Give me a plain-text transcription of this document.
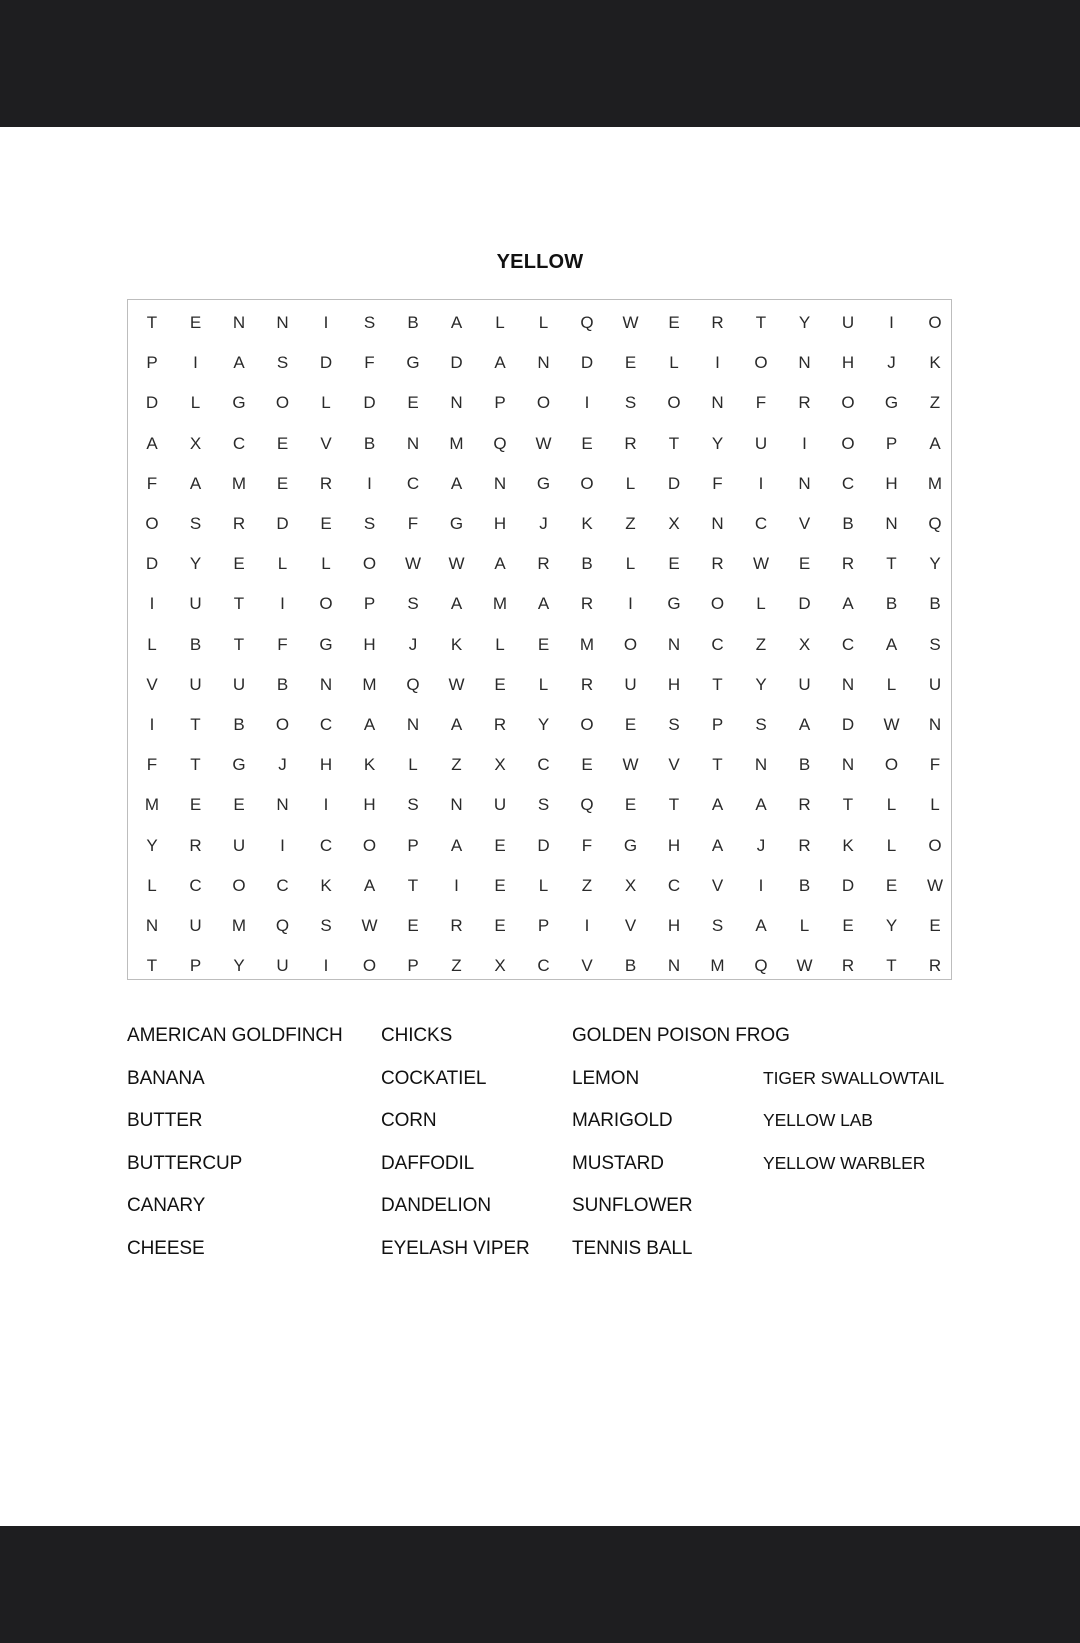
YELLOW
T	E	N	N	I	S	B	A	L	L	Q	W	E	R	T	Y	U	I	O
P	I	A	S	D	F	G	D	A	N	D	E	L	I	O	N	H	J	K
D	L	G	O	L	D	E	N	P	O	I	S	O	N	F	R	O	G	Z
A	X	C	E	V	B	N	M	Q	W	E	R	T	Y	U	I	O	P	A
F	A	M	E	R	I	C	A	N	G	O	L	D	F	I	N	C	H	M
O	S	R	D	E	S	F	G	H	J	K	Z	X	N	C	V	B	N	Q
D	Y	E	L	L	O	W	W	A	R	B	L	E	R	W	E	R	T	Y
I	U	T	I	O	P	S	A	M	A	R	I	G	O	L	D	A	B	B
L	B	T	F	G	H	J	K	L	E	M	O	N	C	Z	X	C	A	S
V	U	U	B	N	M	Q	W	E	L	R	U	H	T	Y	U	N	L	U
I	T	B	O	C	A	N	A	R	Y	O	E	S	P	S	A	D	W	N
F	T	G	J	H	K	L	Z	X	C	E	W	V	T	N	B	N	O	F
M	E	E	N	I	H	S	N	U	S	Q	E	T	A	A	R	T	L	L
Y	R	U	I	C	O	P	A	E	D	F	G	H	A	J	R	K	L	O
L	C	O	C	K	A	T	I	E	L	Z	X	C	V	I	B	D	E	W
N	U	M	Q	S	W	E	R	E	P	I	V	H	S	A	L	E	Y	E
T	P	Y	U	I	O	P	Z	X	C	V	B	N	M	Q	W	R	T	R
AMERICAN GOLDFINCH
BANANA
BUTTER
BUTTERCUP
CANARY
CHEESE
CHICKS
COCKATIEL
CORN
DAFFODIL
DANDELION
EYELASH VIPER
GOLDEN POISON FROG
LEMON
MARIGOLD
MUSTARD
SUNFLOWER
TENNIS BALL
TIGER SWALLOWTAIL
YELLOW LAB
YELLOW WARBLER
